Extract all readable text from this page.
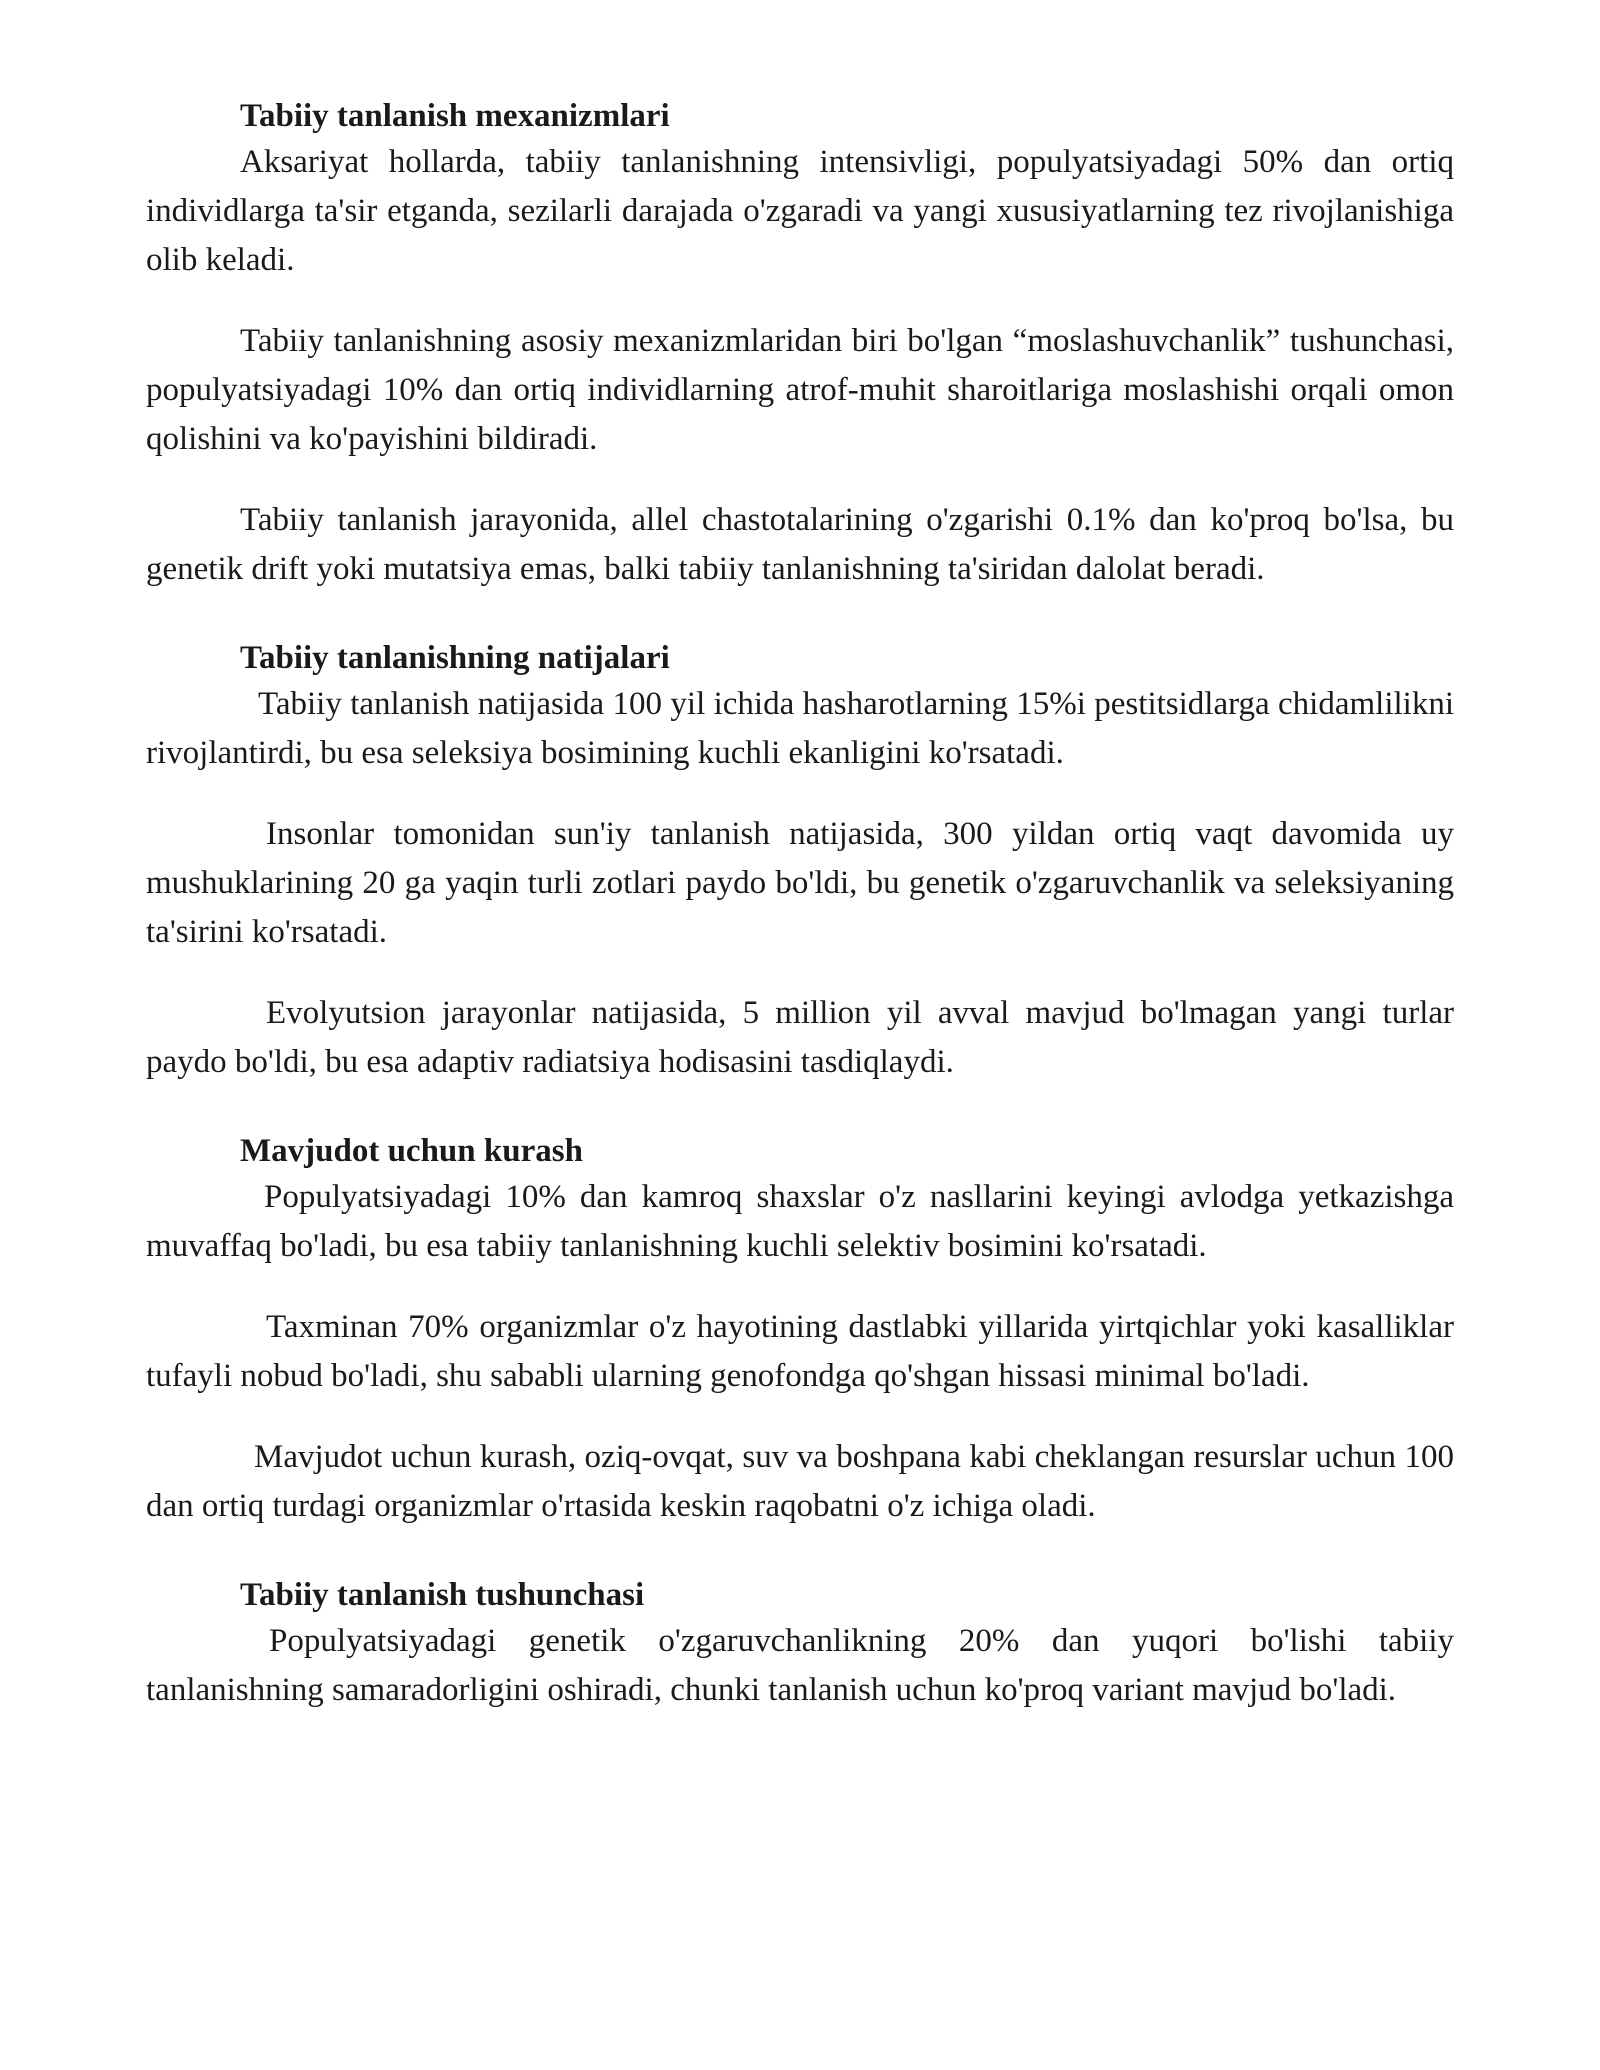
Tabiiy tanlanish mexanizmlari

Aksariyat hollarda, tabiiy tanlanishning intensivligi, populyatsiyadagi 50% dan ortiq individlarga ta'sir etganda, sezilarli darajada o'zgaradi va yangi xususiyatlarning tez rivojlanishiga olib keladi.

Tabiiy tanlanishning asosiy mexanizmlaridan biri bo'lgan “moslashuvchanlik” tushunchasi, populyatsiyadagi 10% dan ortiq individlarning atrof-muhit sharoitlariga moslashishi orqali omon qolishini va ko'payishini bildiradi.

Tabiiy tanlanish jarayonida, allel chastotalarining o'zgarishi 0.1% dan ko'proq bo'lsa, bu genetik drift yoki mutatsiya emas, balki tabiiy tanlanishning ta'siridan dalolat beradi.

Tabiiy tanlanishning natijalari

Tabiiy tanlanish natijasida 100 yil ichida hasharotlarning 15%i pestitsidlarga chidamlilikni rivojlantirdi, bu esa seleksiya bosimining kuchli ekanligini ko'rsatadi.

Insonlar tomonidan sun'iy tanlanish natijasida, 300 yildan ortiq vaqt davomida uy mushuklarining 20 ga yaqin turli zotlari paydo bo'ldi, bu genetik o'zgaruvchanlik va seleksiyaning ta'sirini ko'rsatadi.

Evolyutsion jarayonlar natijasida, 5 million yil avval mavjud bo'lmagan yangi turlar paydo bo'ldi, bu esa adaptiv radiatsiya hodisasini tasdiqlaydi.

Mavjudot uchun kurash

Populyatsiyadagi 10% dan kamroq shaxslar o'z nasllarini keyingi avlodga yetkazishga muvaffaq bo'ladi, bu esa tabiiy tanlanishning kuchli selektiv bosimini ko'rsatadi.

Taxminan 70% organizmlar o'z hayotining dastlabki yillarida yirtqichlar yoki kasalliklar tufayli nobud bo'ladi, shu sababli ularning genofondga qo'shgan hissasi minimal bo'ladi.

Mavjudot uchun kurash, oziq-ovqat, suv va boshpana kabi cheklangan resurslar uchun 100 dan ortiq turdagi organizmlar o'rtasida keskin raqobatni o'z ichiga oladi.

Tabiiy tanlanish tushunchasi

Populyatsiyadagi genetik o'zgaruvchanlikning 20% dan yuqori bo'lishi tabiiy tanlanishning samaradorligini oshiradi, chunki tanlanish uchun ko'proq variant mavjud bo'ladi.
